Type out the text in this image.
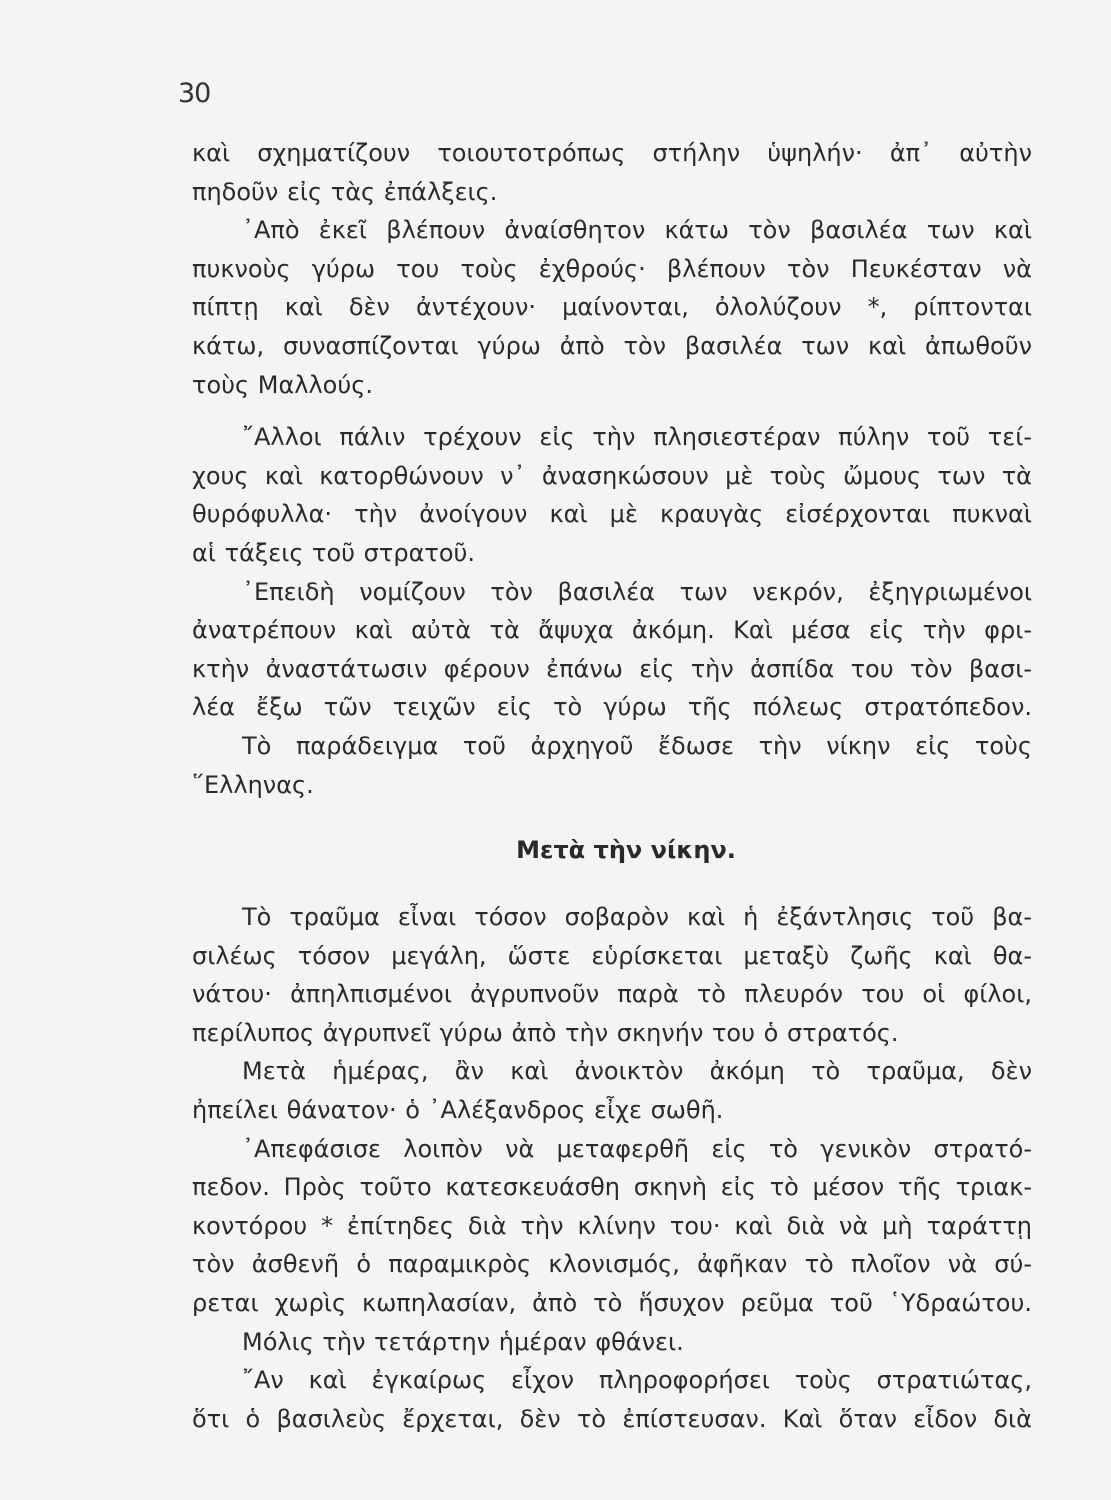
30
καὶ σχηματίζουν τοιουτοτρόπως στήλην ὑψηλήν· ἀπ᾿ αὐτὴν
πηδοῦν εἰς τὰς ἐπάλξεις.
᾿Απὸ ἐκεῖ βλέπουν ἀναίσθητον κάτω τὸν βασιλέα των καὶ
πυκνοὺς γύρω του τοὺς ἐχθρούς· βλέπουν τὸν Πευκέσταν νὰ
πίπτῃ καὶ δὲν ἀντέχουν· μαίνονται, ὀλολύζουν *, ρίπτονται
κάτω, συνασπίζονται γύρω ἀπὸ τὸν βασιλέα των καὶ ἀπωθοῦν
τοὺς Μαλλούς.
῎Αλλοι πάλιν τρέχουν εἰς τὴν πλησιεστέραν πύλην τοῦ τεί-
χους καὶ κατορθώνουν ν᾿ ἀνασηκώσουν μὲ τοὺς ὤμους των τὰ
θυρόφυλλα· τὴν ἀνοίγουν καὶ μὲ κραυγὰς εἰσέρχονται πυκναὶ
αἱ τάξεις τοῦ στρατοῦ.
᾿Επειδὴ νομίζουν τὸν βασιλέα των νεκρόν, ἐξηγριωμένοι
ἀνατρέπουν καὶ αὐτὰ τὰ ἄψυχα ἀκόμη. Καὶ μέσα εἰς τὴν φρι-
κτὴν ἀναστάτωσιν φέρουν ἐπάνω εἰς τὴν ἀσπίδα του τὸν βασι-
λέα ἔξω τῶν τειχῶν εἰς τὸ γύρω τῆς πόλεως στρατόπεδον.
Τὸ παράδειγμα τοῦ ἀρχηγοῦ ἔδωσε τὴν νίκην εἰς τοὺς
῞Ελληνας.
Μετὰ τὴν νίκην.
Τὸ τραῦμα εἶναι τόσον σοβαρὸν καὶ ἡ ἐξάντλησις τοῦ βα-
σιλέως τόσον μεγάλη, ὥστε εὑρίσκεται μεταξὺ ζωῆς καὶ θα-
νάτου· ἀπηλπισμένοι ἀγρυπνοῦν παρὰ τὸ πλευρόν του οἱ φίλοι,
περίλυπος ἀγρυπνεῖ γύρω ἀπὸ τὴν σκηνήν του ὁ στρατός.
Μετὰ ἡμέρας, ἂν καὶ ἀνοικτὸν ἀκόμη τὸ τραῦμα, δὲν
ἠπείλει θάνατον· ὁ ᾿Αλέξανδρος εἶχε σωθῆ.
᾿Απεφάσισε λοιπὸν νὰ μεταφερθῆ εἰς τὸ γενικὸν στρατό-
πεδον. Πρὸς τοῦτο κατεσκευάσθη σκηνὴ εἰς τὸ μέσον τῆς τριακ-
κοντόρου * ἐπίτηδες διὰ τὴν κλίνην του· καὶ διὰ νὰ μὴ ταράττῃ
τὸν ἀσθενῆ ὁ παραμικρὸς κλονισμός, ἀφῆκαν τὸ πλοῖον νὰ σύ-
ρεται χωρὶς κωπηλασίαν, ἀπὸ τὸ ἥσυχον ρεῦμα τοῦ ῾Υδραώτου.
Μόλις τὴν τετάρτην ἡμέραν φθάνει.
῎Αν καὶ ἐγκαίρως εἶχον πληροφορήσει τοὺς στρατιώτας,
ὅτι ὁ βασιλεὺς ἔρχεται, δὲν τὸ ἐπίστευσαν. Καὶ ὅταν εἶδον διὰ
